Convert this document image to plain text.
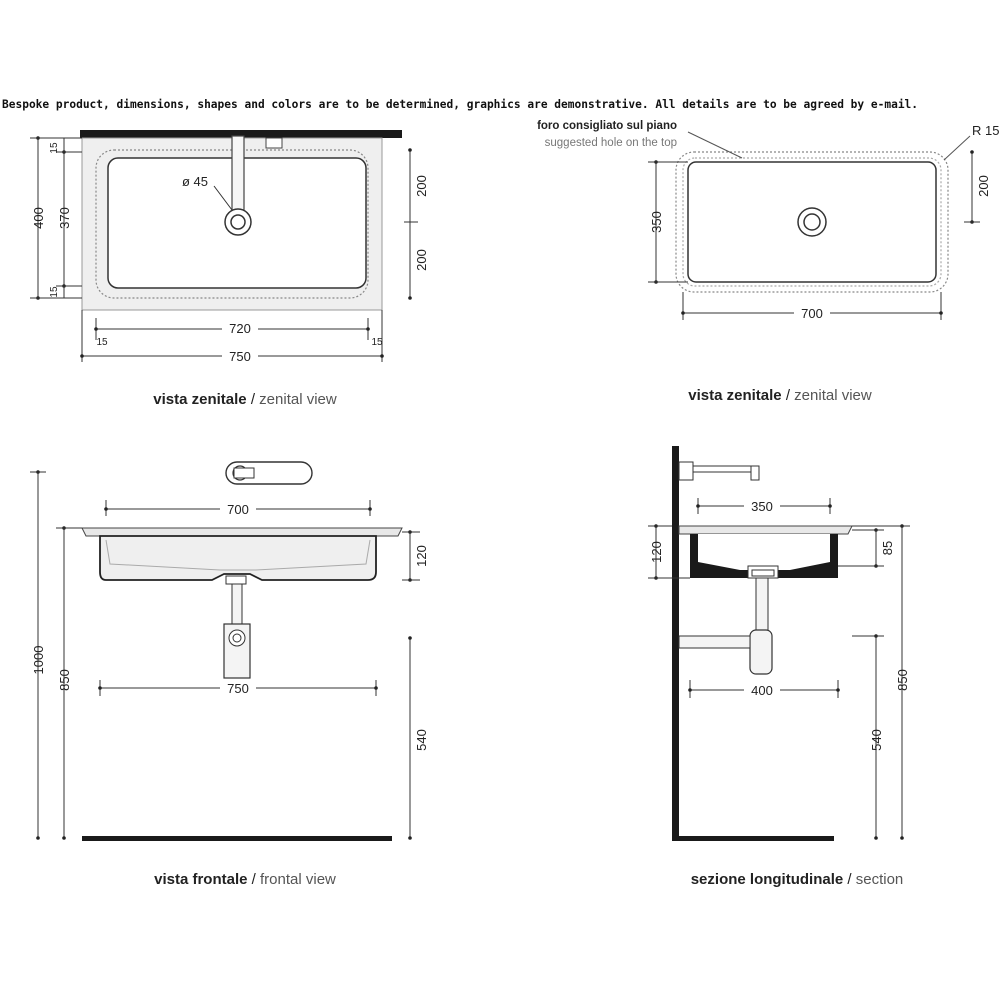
Bespoke product, dimensions, shapes and colors are to be determined, graphics are demonstrative. All details are to be agreed by e-mail.
ø 45
400 370
15
15
200
200
720
750
15	15
vista zenitale / zenital view
foro consigliato sul piano
suggested hole on the top
R 15
350
200
700
vista zenitale / zenital view
700
120
540
750
1000
850
vista frontale / frontal view
350
120	85
850
540
400
sezione longitudinale / section
